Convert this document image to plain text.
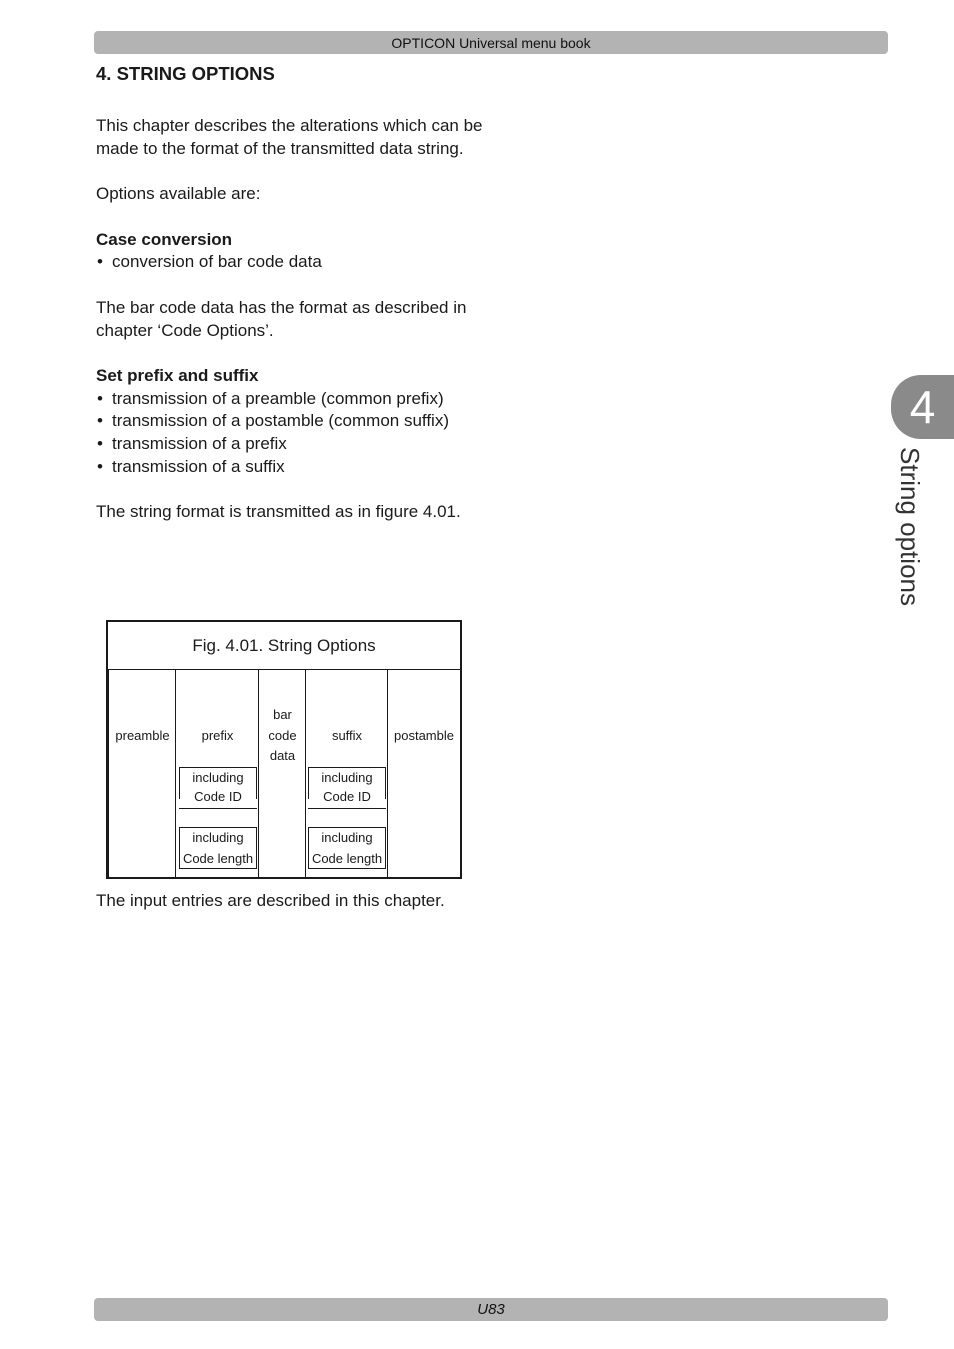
OPTICON Universal menu book
4. STRING OPTIONS

This chapter describes the alterations which can be made to the format of the transmitted data string.

Options available are:

Case conversion
• conversion of bar code data

The bar code data has the format as described in chapter ‘Code Options’.

Set prefix and suffix
• transmission of a preamble (common prefix)
• transmission of a postamble (common suffix)
• transmission of a prefix
• transmission of a suffix

The string format is transmitted as in figure 4.01.

Fig. 4.01. String Options
preamble	prefix
including
Code ID
including
Code length
bar
code
data
suffix
including
Code ID
including
Code length
postamble
The input entries are described in this chapter.
4
String options
U83
